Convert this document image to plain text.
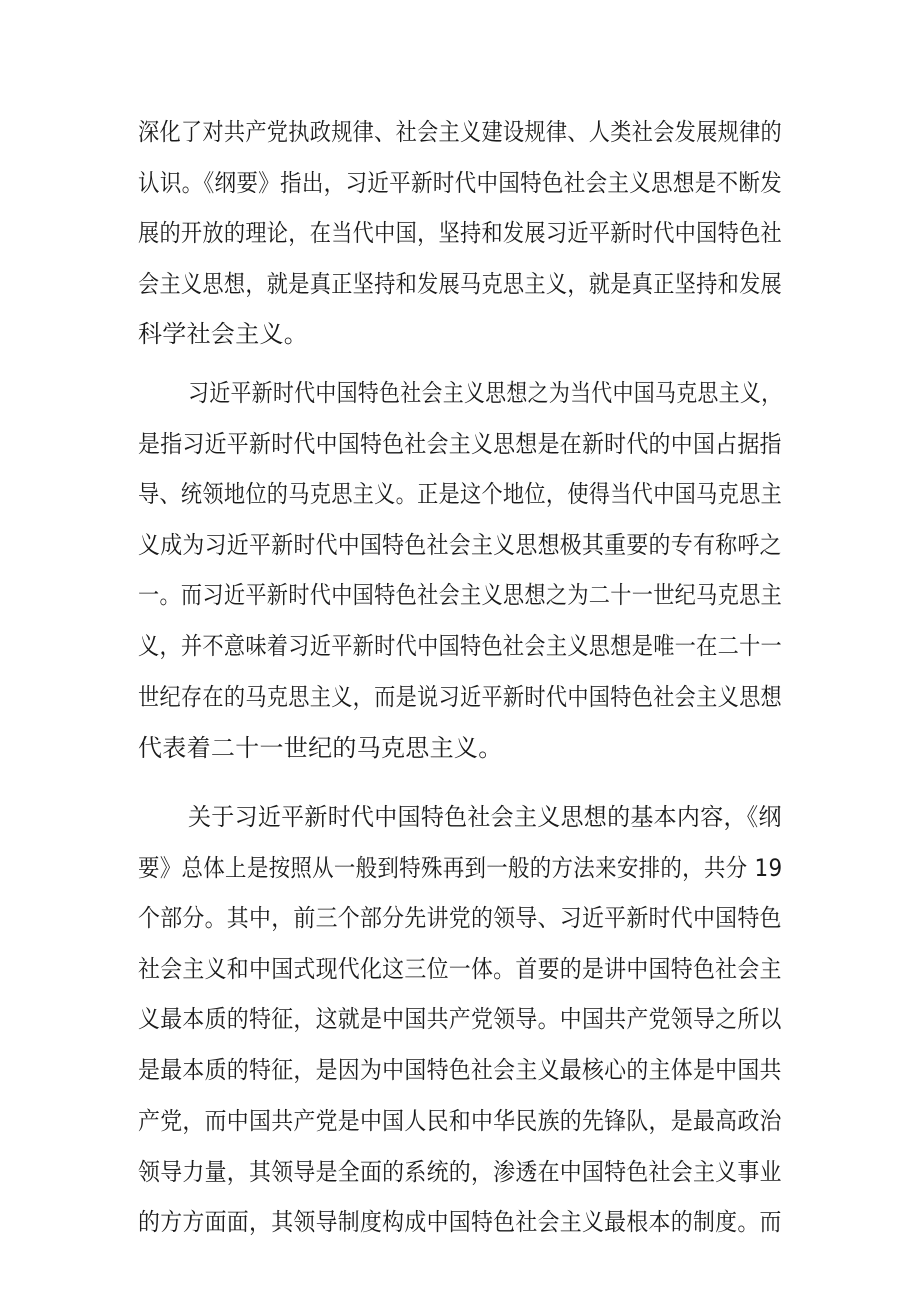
深化了对共产党执政规律、社会主义建设规律、人类社会发展规律的
认识。《纲要》指出，习近平新时代中国特色社会主义思想是不断发
展的开放的理论，在当代中国，坚持和发展习近平新时代中国特色社
会主义思想，就是真正坚持和发展马克思主义，就是真正坚持和发展
科学社会主义。
习近平新时代中国特色社会主义思想之为当代中国马克思主义，
是指习近平新时代中国特色社会主义思想是在新时代的中国占据指
导、统领地位的马克思主义。正是这个地位，使得当代中国马克思主
义成为习近平新时代中国特色社会主义思想极其重要的专有称呼之
一。而习近平新时代中国特色社会主义思想之为二十一世纪马克思主
义，并不意味着习近平新时代中国特色社会主义思想是唯一在二十一
世纪存在的马克思主义，而是说习近平新时代中国特色社会主义思想
代表着二十一世纪的马克思主义。
关于习近平新时代中国特色社会主义思想的基本内容，《纲
要》总体上是按照从一般到特殊再到一般的方法来安排的，共分 19
个部分。其中，前三个部分先讲党的领导、习近平新时代中国特色
社会主义和中国式现代化这三位一体。首要的是讲中国特色社会主
义最本质的特征，这就是中国共产党领导。中国共产党领导之所以
是最本质的特征，是因为中国特色社会主义最核心的主体是中国共
产党，而中国共产党是中国人民和中华民族的先锋队，是最高政治
领导力量，其领导是全面的系统的，渗透在中国特色社会主义事业
的方方面面，其领导制度构成中国特色社会主义最根本的制度。而
